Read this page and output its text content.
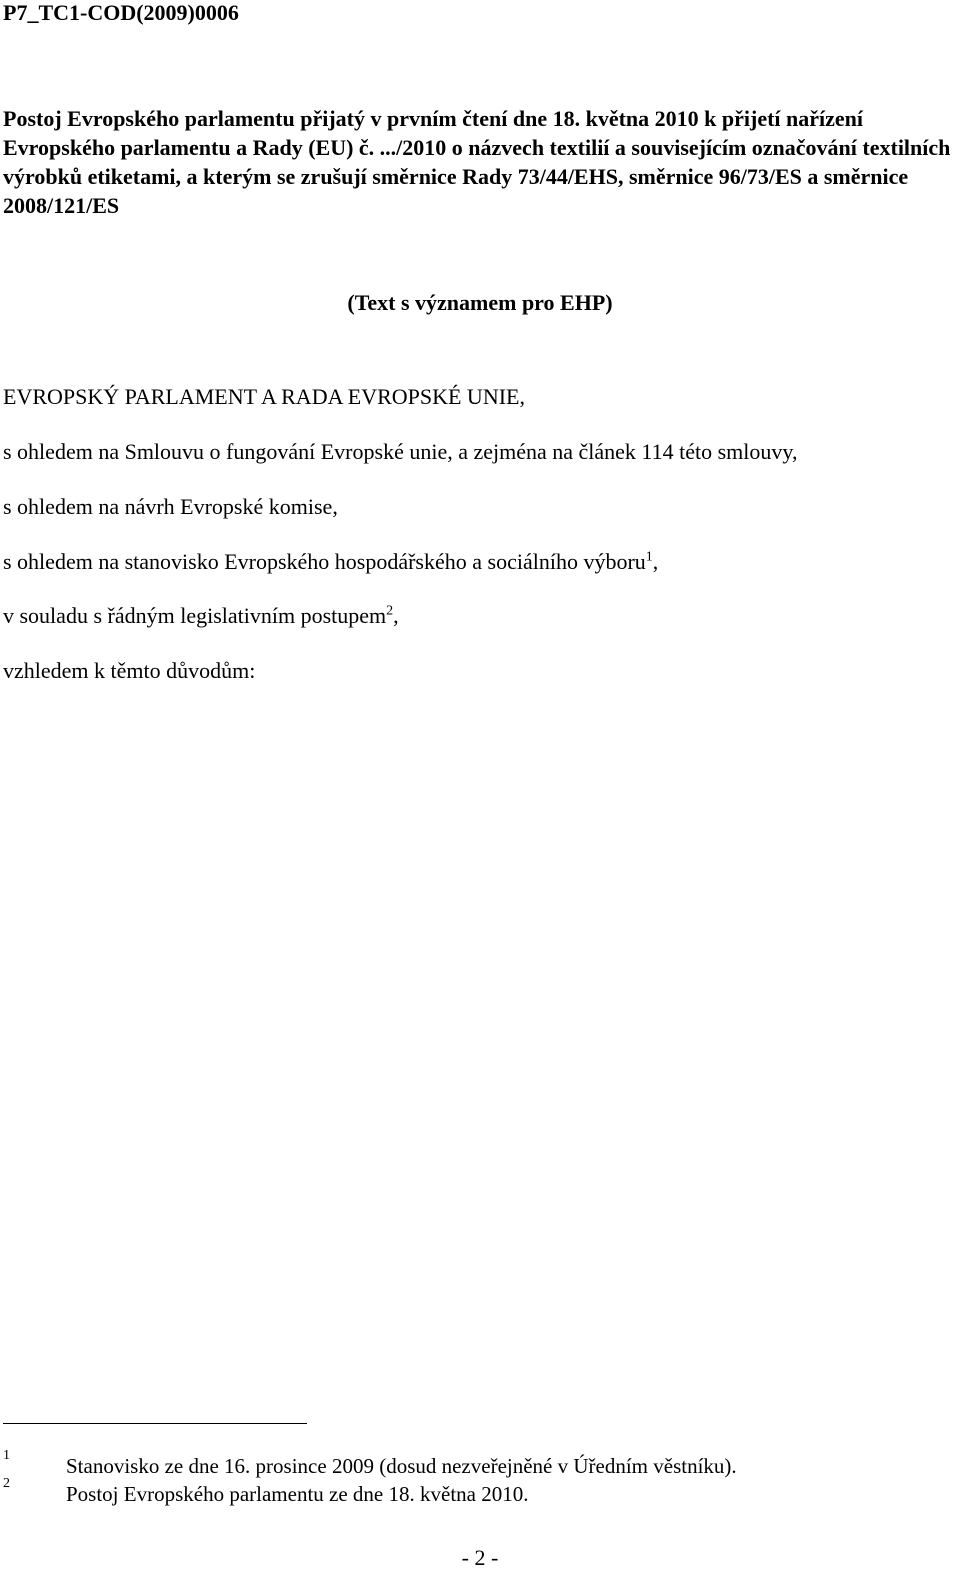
P7_TC1-COD(2009)0006

Postoj Evropského parlamentu přijatý v prvním čtení dne 18. května 2010 k přijetí nařízení Evropského parlamentu a Rady (EU) č. .../2010 o názvech textilií a souvisejícím označování textilních výrobků etiketami, a kterým se zrušují směrnice Rady 73/44/EHS, směrnice 96/73/ES a směrnice 2008/121/ES

(Text s významem pro EHP)
EVROPSKÝ PARLAMENT A RADA EVROPSKÉ UNIE,
s ohledem na Smlouvu o fungování Evropské unie, a zejména na článek 114 této smlouvy,
s ohledem na návrh Evropské komise,
s ohledem na stanovisko Evropského hospodářského a sociálního výboru$^1$,
v souladu s řádným legislativním postupem$^2$,
vzhledem k těmto důvodům:
1	Stanovisko ze dne 16. prosince 2009 (dosud nezveřejněné v Úředním věstníku).
2	Postoj Evropského parlamentu ze dne 18. května 2010.
- 2 -
